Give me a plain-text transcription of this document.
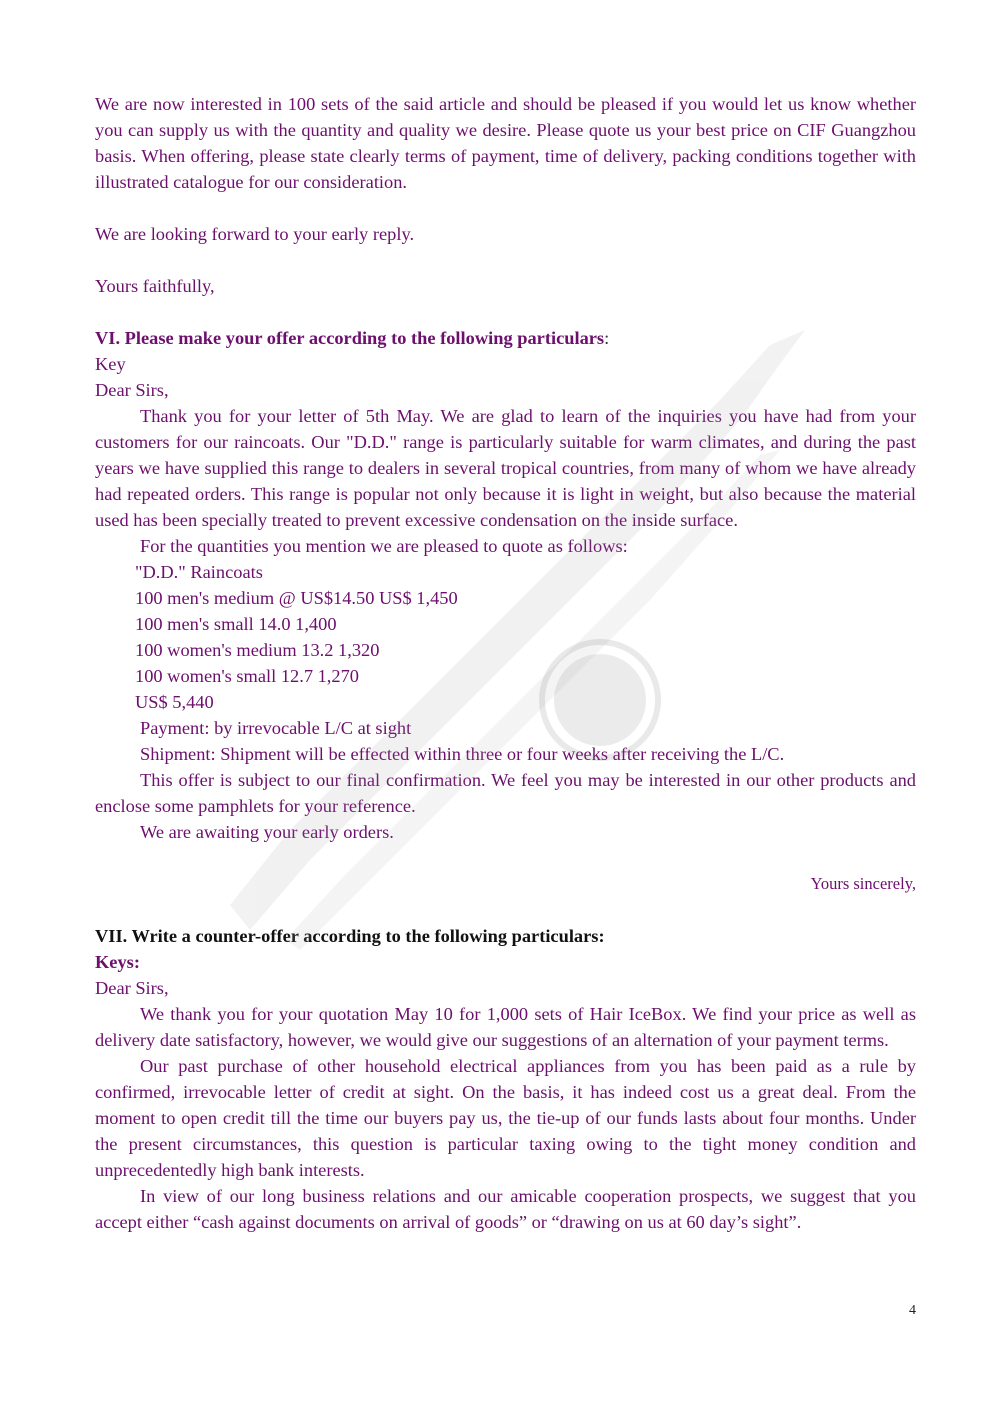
We are now interested in 100 sets of the said article and should be pleased if you would let us know whether you can supply us with the quantity and quality we desire. Please quote us your best price on CIF Guangzhou basis. When offering, please state clearly terms of payment, time of delivery, packing conditions together with illustrated catalogue for our consideration.

We are looking forward to your early reply.

Yours faithfully,

VI. Please make your offer according to the following particulars:

Key

Dear Sirs,

Thank you for your letter of 5th May. We are glad to learn of the inquiries you have had from your customers for our raincoats. Our "D.D." range is particularly suitable for warm climates, and during the past years we have supplied this range to dealers in several tropical countries, from many of whom we have already had repeated orders. This range is popular not only because it is light in weight, but also because the material used has been specially treated to prevent excessive condensation on the inside surface.

For the quantities you mention we are pleased to quote as follows:

"D.D." Raincoats

100 men's medium @ US$14.50 US$ 1,450

100 men's small 14.0 1,400

100 women's medium 13.2 1,320

100 women's small 12.7 1,270

US$ 5,440

Payment: by irrevocable L/C at sight

Shipment: Shipment will be effected within three or four weeks after receiving the L/C.

This offer is subject to our final confirmation. We feel you may be interested in our other products and enclose some pamphlets for your reference.

We are awaiting your early orders.

Yours sincerely,

VII. Write a counter-offer according to the following particulars:

Keys:

Dear Sirs,

We thank you for your quotation May 10 for 1,000 sets of Hair IceBox. We find your price as well as delivery date satisfactory, however, we would give our suggestions of an alternation of your payment terms.

Our past purchase of other household electrical appliances from you has been paid as a rule by confirmed, irrevocable letter of credit at sight. On the basis, it has indeed cost us a great deal. From the moment to open credit till the time our buyers pay us, the tie-up of our funds lasts about four months. Under the present circumstances, this question is particular taxing owing to the tight money condition and unprecedentedly high bank interests.

In view of our long business relations and our amicable cooperation prospects, we suggest that you accept either “cash against documents on arrival of goods” or “drawing on us at 60 day’s sight”.

4
